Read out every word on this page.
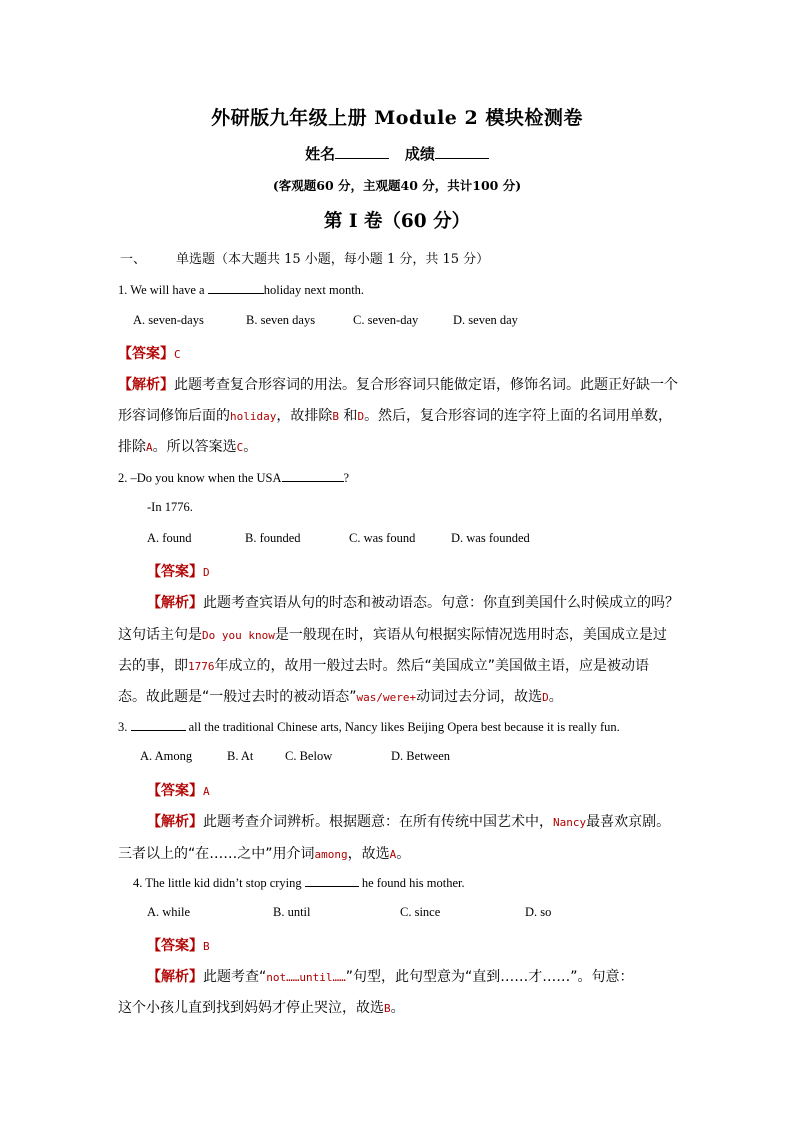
外研版九年级上册 Module 2 模块检测卷
姓名	成绩
(客观题60 分，主观题40 分，共计100 分)
第 I 卷（60 分）
一、 单选题（本大题共 15 小题，每小题 1 分，共 15 分）
1. We will have a	holiday next month.
A. seven-days	B. seven days	C. seven-day	D. seven day
【答案】C
【解析】此题考查复合形容词的用法。复合形容词只能做定语，修饰名词。此题正好缺一个
形容词修饰后面的holiday，故排除B 和D。然后，复合形容词的连字符上面的名词用单数，
排除A。所以答案选C。
2. –Do you know when the USA	?
-In 1776.
A. found	B. founded	C. was found	D. was founded
【答案】D
【解析】此题考查宾语从句的时态和被动语态。句意：你直到美国什么时候成立的吗？
这句话主句是Do you know是一般现在时，宾语从句根据实际情况选用时态，美国成立是过
去的事，即1776年成立的，故用一般过去时。然后“美国成立”美国做主语，应是被动语
态。故此题是“一般过去时的被动语态”was/were+动词过去分词，故选D。
3.	all the traditional Chinese arts, Nancy likes Beijing Opera best because it is really fun.
A. Among	B. At	C. Below	D. Between
【答案】A
【解析】此题考查介词辨析。根据题意：在所有传统中国艺术中，Nancy最喜欢京剧。
三者以上的“在……之中”用介词among，故选A。
4. The little kid didn’t stop crying	he found his mother.
A. while	B. until	C. since	D. so
【答案】B
【解析】此题考查“not……until……”句型，此句型意为“直到……才……”。句意：
这个小孩儿直到找到妈妈才停止哭泣，故选B。
